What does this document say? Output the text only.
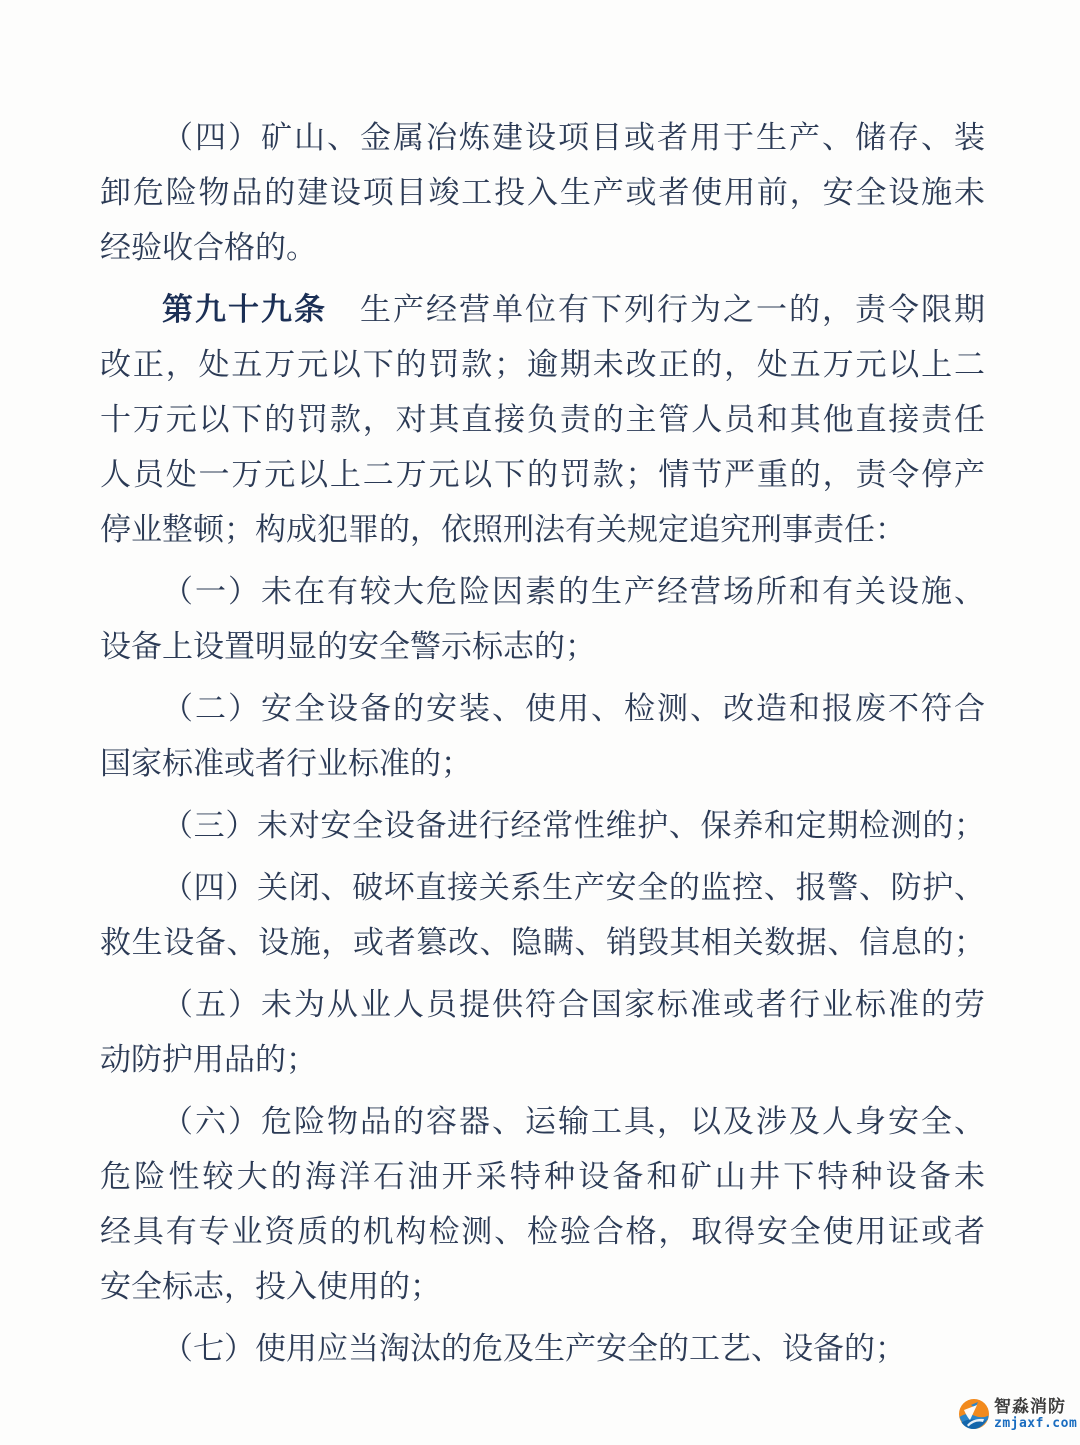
（四）矿山、金属冶炼建设项目或者用于生产、储存、装
卸危险物品的建设项目竣工投入生产或者使用前，安全设施未
经验收合格的。
第九十九条　生产经营单位有下列行为之一的，责令限期
改正，处五万元以下的罚款；逾期未改正的，处五万元以上二
十万元以下的罚款，对其直接负责的主管人员和其他直接责任
人员处一万元以上二万元以下的罚款；情节严重的，责令停产
停业整顿；构成犯罪的，依照刑法有关规定追究刑事责任：
（一）未在有较大危险因素的生产经营场所和有关设施、
设备上设置明显的安全警示标志的；
（二）安全设备的安装、使用、检测、改造和报废不符合
国家标准或者行业标准的；
（三）未对安全设备进行经常性维护、保养和定期检测的；
（四）关闭、破坏直接关系生产安全的监控、报警、防护、
救生设备、设施，或者篡改、隐瞒、销毁其相关数据、信息的；
（五）未为从业人员提供符合国家标准或者行业标准的劳
动防护用品的；
（六）危险物品的容器、运输工具，以及涉及人身安全、
危险性较大的海洋石油开采特种设备和矿山井下特种设备未
经具有专业资质的机构检测、检验合格，取得安全使用证或者
安全标志，投入使用的；
（七）使用应当淘汰的危及生产安全的工艺、设备的；
智淼消防
zmjaxf.com
